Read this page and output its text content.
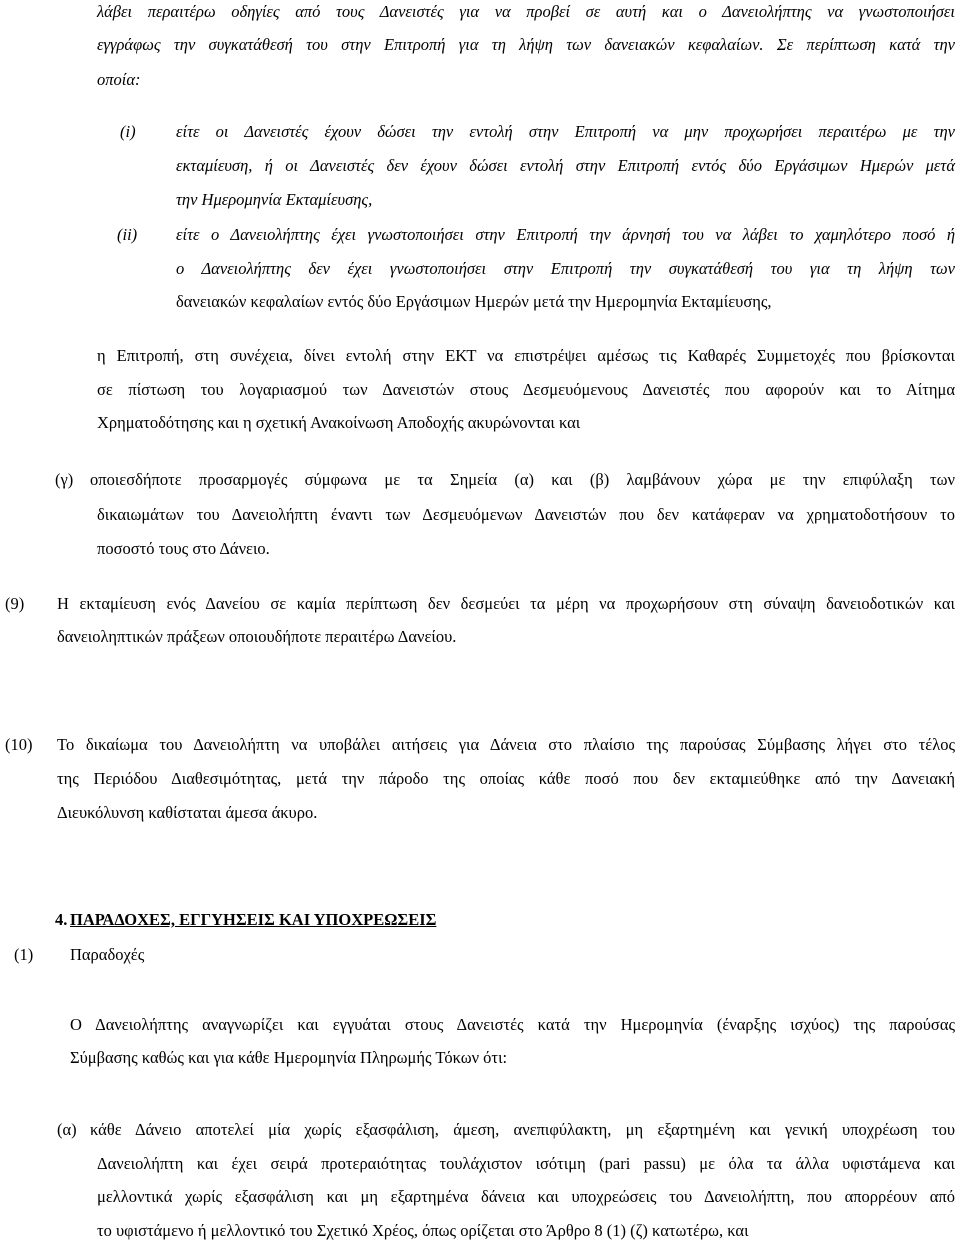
λάβει περαιτέρω οδηγίες από τους Δανειστές για να προβεί σε αυτή και ο Δανειολήπτης να γνωστοποιήσει
εγγράφως την συγκατάθεσή του στην Επιτροπή για τη λήψη των δανειακών κεφαλαίων. Σε περίπτωση κατά την
οποία:
(i) είτε οι Δανειστές έχουν δώσει την εντολή στην Επιτροπή να μην προχωρήσει περαιτέρω με την
εκταμίευση, ή οι Δανειστές δεν έχουν δώσει εντολή στην Επιτροπή εντός δύο Εργάσιμων Ημερών μετά
την Ημερομηνία Εκταμίευσης,
(ii) είτε ο Δανειολήπτης έχει γνωστοποιήσει στην Επιτροπή την άρνησή του να λάβει το χαμηλότερο ποσό ή
ο Δανειολήπτης δεν έχει γνωστοποιήσει στην Επιτροπή την συγκατάθεσή του για τη λήψη των
δανειακών κεφαλαίων εντός δύο Εργάσιμων Ημερών μετά την Ημερομηνία Εκταμίευσης,
η Επιτροπή, στη συνέχεια, δίνει εντολή στην ΕΚΤ να επιστρέψει αμέσως τις Καθαρές Συμμετοχές που βρίσκονται
σε πίστωση του λογαριασμού των Δανειστών στους Δεσμευόμενους Δανειστές που αφορούν και το Αίτημα
Χρηματοδότησης και η σχετική Ανακοίνωση Αποδοχής ακυρώνονται και
(γ) οποιεσδήποτε προσαρμογές σύμφωνα με τα Σημεία (α) και (β) λαμβάνουν χώρα με την επιφύλαξη των
δικαιωμάτων του Δανειολήπτη έναντι των Δεσμευόμενων Δανειστών που δεν κατάφεραν να χρηματοδοτήσουν το
ποσοστό τους στο Δάνειο.
(9) Η εκταμίευση ενός Δανείου σε καμία περίπτωση δεν δεσμεύει τα μέρη να προχωρήσουν στη σύναψη δανειοδοτικών και
δανειοληπτικών πράξεων οποιουδήποτε περαιτέρω Δανείου.
(10) Το δικαίωμα του Δανειολήπτη να υποβάλει αιτήσεις για Δάνεια στο πλαίσιο της παρούσας Σύμβασης λήγει στο τέλος
της Περιόδου Διαθεσιμότητας, μετά την πάροδο της οποίας κάθε ποσό που δεν εκταμιεύθηκε από την Δανειακή
Διευκόλυνση καθίσταται άμεσα άκυρο.
4. ΠΑΡΑΔΟΧΕΣ, ΕΓΓΥΗΣΕΙΣ ΚΑΙ ΥΠΟΧΡΕΩΣΕΙΣ
(1) Παραδοχές
Ο Δανειολήπτης αναγνωρίζει και εγγυάται στους Δανειστές κατά την Ημερομηνία (έναρξης ισχύος) της παρούσας
Σύμβασης καθώς και για κάθε Ημερομηνία Πληρωμής Τόκων ότι:
(α) κάθε Δάνειο αποτελεί μία χωρίς εξασφάλιση, άμεση, ανεπιφύλακτη, μη εξαρτημένη και γενική υποχρέωση του
Δανειολήπτη και έχει σειρά προτεραιότητας τουλάχιστον ισότιμη (pari passu) με όλα τα άλλα υφιστάμενα και
μελλοντικά χωρίς εξασφάλιση και μη εξαρτημένα δάνεια και υποχρεώσεις του Δανειολήπτη, που απορρέουν από
το υφιστάμενο ή μελλοντικό του Σχετικό Χρέος, όπως ορίζεται στο Άρθρο 8 (1) (ζ) κατωτέρω, και
